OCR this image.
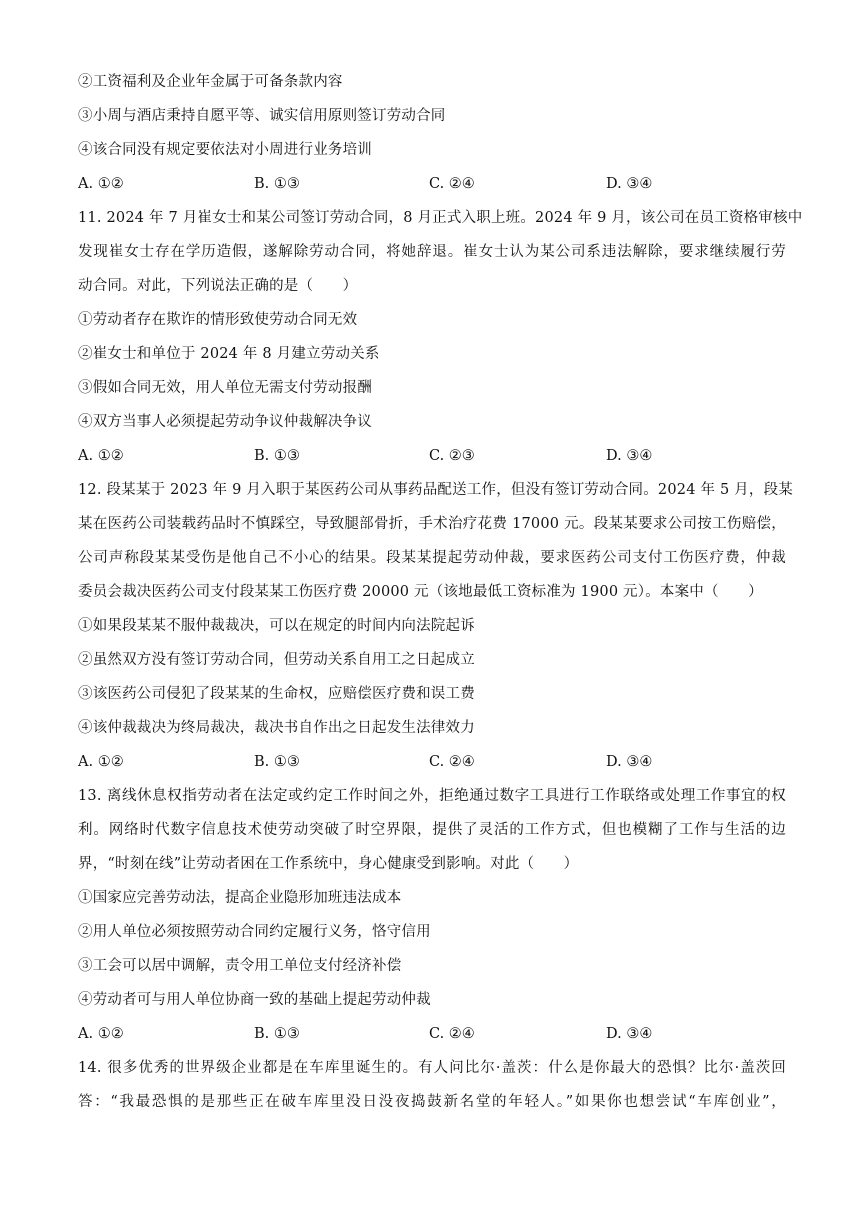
②工资福利及企业年金属于可备条款内容
③小周与酒店秉持自愿平等、诚实信用原则签订劳动合同
④该合同没有规定要依法对小周进行业务培训
A. ①②	B. ①③	C. ②④	D. ③④
11. 2024 年 7 月崔女士和某公司签订劳动合同，8 月正式入职上班。2024 年 9 月，该公司在员工资格审核中
发现崔女士存在学历造假，遂解除劳动合同，将她辞退。崔女士认为某公司系违法解除，要求继续履行劳
动合同。对此，下列说法正确的是（　　）
①劳动者存在欺诈的情形致使劳动合同无效
②崔女士和单位于 2024 年 8 月建立劳动关系
③假如合同无效，用人单位无需支付劳动报酬
④双方当事人必须提起劳动争议仲裁解决争议
A. ①②	B. ①③	C. ②③	D. ③④
12. 段某某于 2023 年 9 月入职于某医药公司从事药品配送工作，但没有签订劳动合同。2024 年 5 月，段某
某在医药公司装载药品时不慎踩空，导致腿部骨折，手术治疗花费 17000 元。段某某要求公司按工伤赔偿，
公司声称段某某受伤是他自己不小心的结果。段某某提起劳动仲裁，要求医药公司支付工伤医疗费，仲裁
委员会裁决医药公司支付段某某工伤医疗费 20000 元（该地最低工资标准为 1900 元）。本案中（　　）
①如果段某某不服仲裁裁决，可以在规定的时间内向法院起诉
②虽然双方没有签订劳动合同，但劳动关系自用工之日起成立
③该医药公司侵犯了段某某的生命权，应赔偿医疗费和误工费
④该仲裁裁决为终局裁决，裁决书自作出之日起发生法律效力
A. ①②	B. ①③	C. ②④	D. ③④
13. 离线休息权指劳动者在法定或约定工作时间之外，拒绝通过数字工具进行工作联络或处理工作事宜的权
利。网络时代数字信息技术使劳动突破了时空界限，提供了灵活的工作方式，但也模糊了工作与生活的边
界，“时刻在线”让劳动者困在工作系统中，身心健康受到影响。对此（　　）
①国家应完善劳动法，提高企业隐形加班违法成本
②用人单位必须按照劳动合同约定履行义务，恪守信用
③工会可以居中调解，责令用工单位支付经济补偿
④劳动者可与用人单位协商一致的基础上提起劳动仲裁
A. ①②	B. ①③	C. ②④	D. ③④
14. 很多优秀的世界级企业都是在车库里诞生的。有人问比尔·盖茨：什么是你最大的恐惧？比尔·盖茨回
答：“我最恐惧的是那些正在破车库里没日没夜捣鼓新名堂的年轻人。”如果你也想尝试“车库创业”，
